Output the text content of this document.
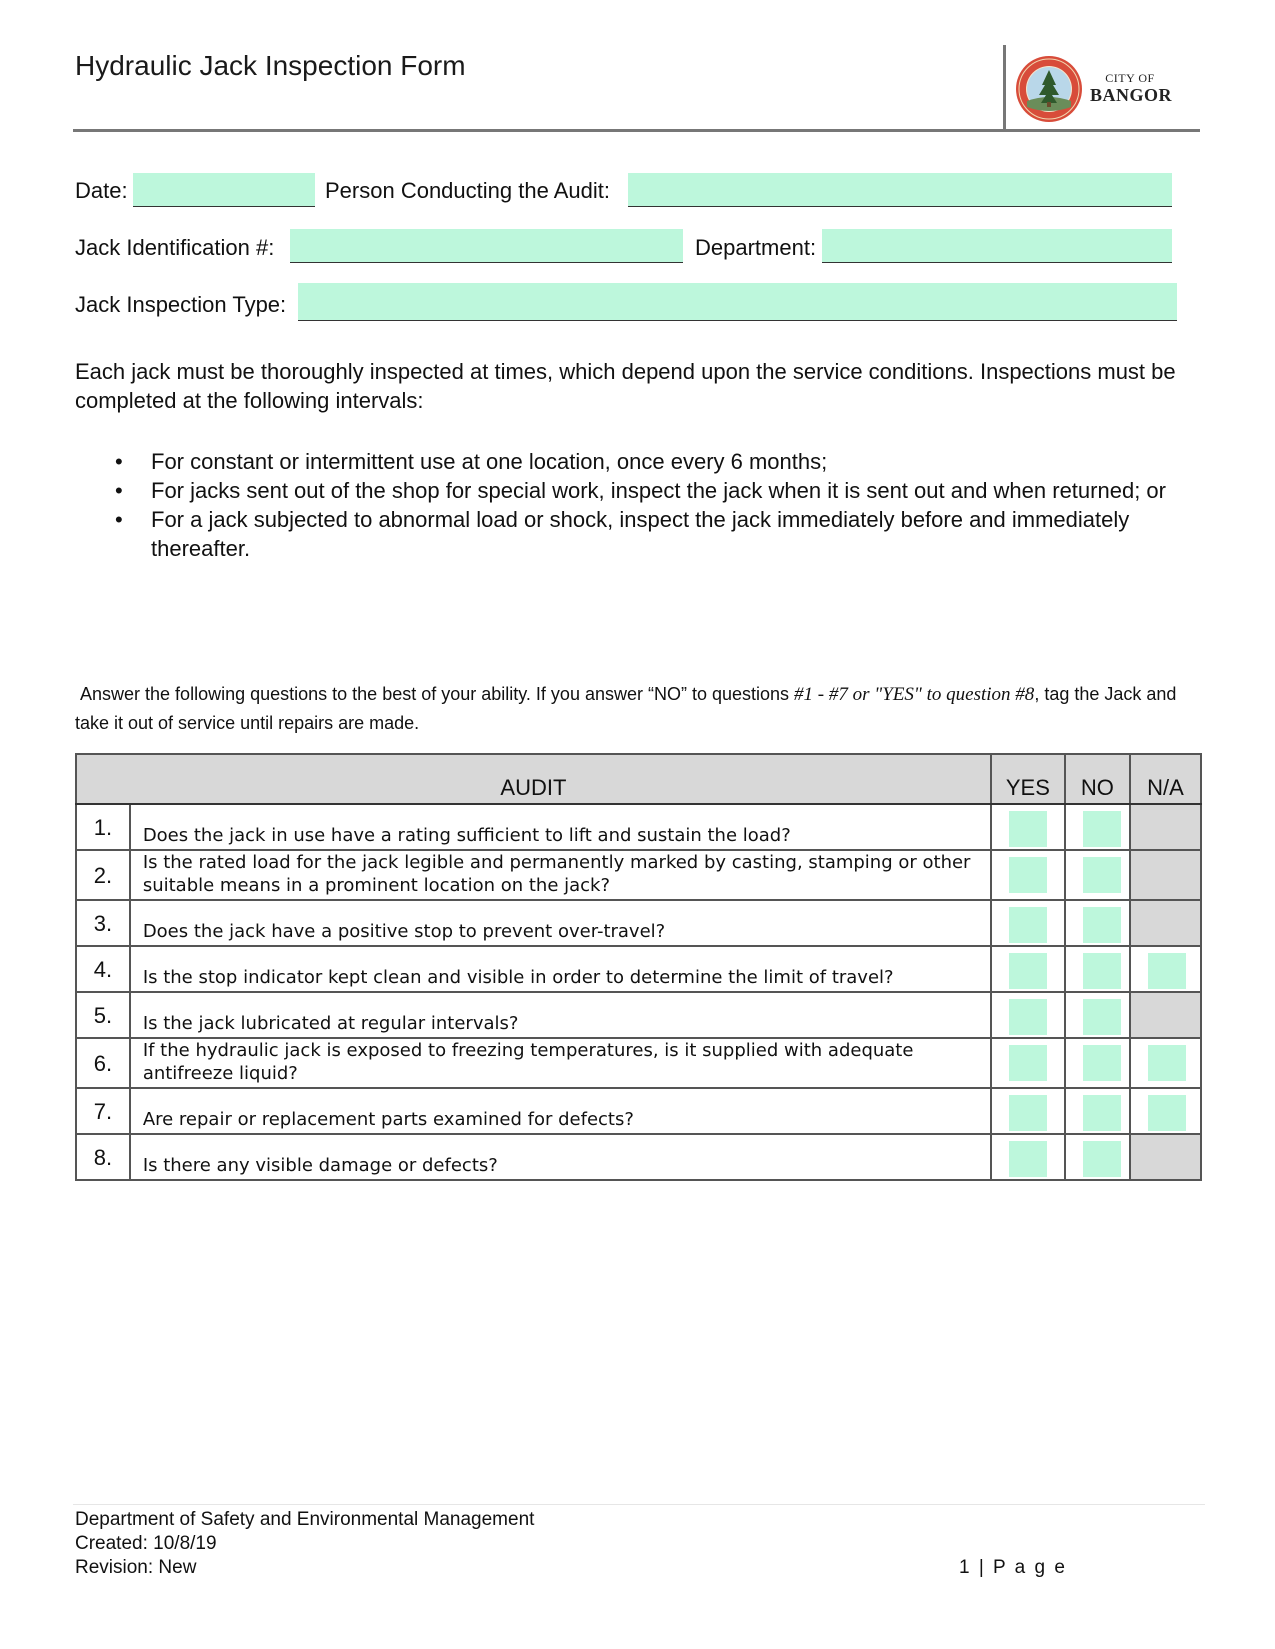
Hydraulic Jack Inspection Form	CITY OF
BANGOR
Date:	Person Conducting the Audit:
Jack Identification #:	Department:
Jack Inspection Type:
Each jack must be thoroughly inspected at times, which depend upon the service conditions. Inspections must be completed at the following intervals:
• For constant or intermittent use at one location, once every 6 months;
• For jacks sent out of the shop for special work, inspect the jack when it is sent out and when returned; or
• For a jack subjected to abnormal load or shock, inspect the jack immediately before and immediately thereafter.
Answer the following questions to the best of your ability. If you answer “NO” to questions #1 - #7 or "YES" to question #8, tag the Jack and take it out of service until repairs are made.
AUDIT		YES	NO	N/A
1.	Does the jack in use have a rating sufficient to lift and sustain the load?	

2.	Is the rated load for the jack legible and permanently marked by casting, stamping or other suitable means in a prominent location on the jack?	

3.	Does the jack have a positive stop to prevent over-travel?	

4.	Is the stop indicator kept clean and visible in order to determine the limit of travel?	

5.	Is the jack lubricated at regular intervals?	

6.	If the hydraulic jack is exposed to freezing temperatures, is it supplied with adequate antifreeze liquid?	

7.	Are repair or replacement parts examined for defects?	

8.	Is there any visible damage or defects?	

Department of Safety and Environmental Management
Created: 10/8/19
Revision: New	1 | P a g e
